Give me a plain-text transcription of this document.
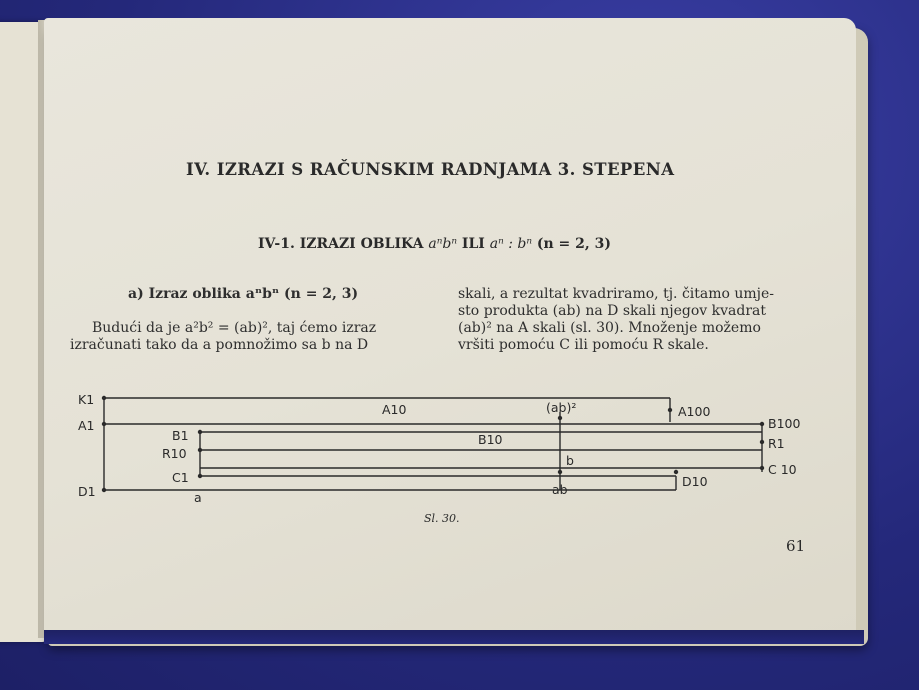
IV. IZRAZI S RAČUNSKIM RADNJAMA 3. STEPENA
IV-1. IZRAZI OBLIKA aⁿbⁿ ILI aⁿ : bⁿ (n = 2, 3)
a) Izraz oblika aⁿbⁿ (n = 2, 3)
Budući da je a²b² = (ab)², taj ćemo izraz
izračunati tako da a pomnožimo sa b na D
skali, a rezultat kvadriramo, tj. čitamo umje-
sto produkta (ab) na D skali njegov kvadrat
(ab)² na A skali (sl. 30). Množenje možemo
vršiti pomoću C ili pomoću R skale.
K1
A1
B1
R10
C1
D1
A100
B100
R1
C 10
D10
A10	(ab)²
B10
b
a
ab
Sl. 30.
61
